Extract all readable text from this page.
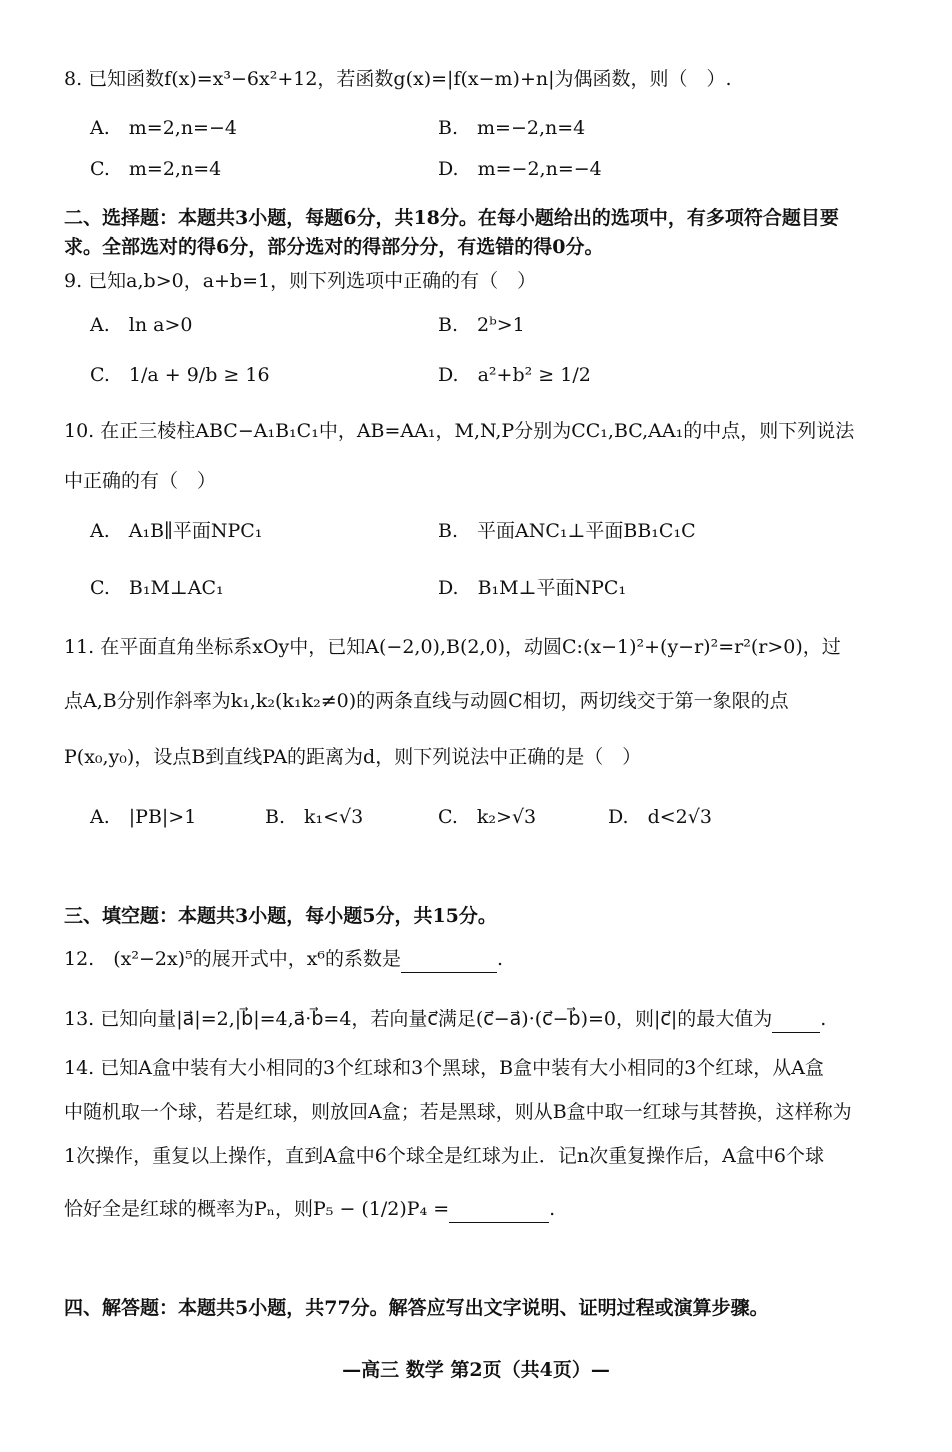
8. 已知函数f(x)=x³−6x²+12，若函数g(x)=|f(x−m)+n|为偶函数，则（　）.
A.　m=2,n=−4	B.　m=−2,n=4
C.　m=2,n=4	D.　m=−2,n=−4
二、选择题：本题共3小题，每题6分，共18分。在每小题给出的选项中，有多项符合题目要
求。全部选对的得6分，部分选对的得部分分，有选错的得0分。
9. 已知a,b>0，a+b=1，则下列选项中正确的有（　）
A.　ln a>0	B.　2ᵇ>1
C.　1/a + 9/b ≥ 16	D.　a²+b² ≥ 1/2
10. 在正三棱柱ABC−A₁B₁C₁中，AB=AA₁，M,N,P分别为CC₁,BC,AA₁的中点，则下列说法
中正确的有（　）
A.　A₁B∥平面NPC₁	B.　平面ANC₁⊥平面BB₁C₁C
C.　B₁M⊥AC₁	D.　B₁M⊥平面NPC₁
11. 在平面直角坐标系xOy中，已知A(−2,0),B(2,0)，动圆C:(x−1)²+(y−r)²=r²(r>0)，过
点A,B分别作斜率为k₁,k₂(k₁k₂≠0)的两条直线与动圆C相切，两切线交于第一象限的点
P(x₀,y₀)，设点B到直线PA的距离为d，则下列说法中正确的是（　）
A.　|PB|>1	B.　k₁<√3	C.　k₂>√3	D.　d<2√3
三、填空题：本题共3小题，每小题5分，共15分。
12.　(x²−2x)⁵的展开式中，x⁶的系数是	.
13. 已知向量|a⃗|=2,|b⃗|=4,a⃗·b⃗=4，若向量c⃗满足(c⃗−a⃗)·(c⃗−b⃗)=0，则|c⃗|的最大值为	.
14. 已知A盒中装有大小相同的3个红球和3个黑球，B盒中装有大小相同的3个红球，从A盒
中随机取一个球，若是红球，则放回A盒；若是黑球，则从B盒中取一红球与其替换，这样称为
1次操作，重复以上操作，直到A盒中6个球全是红球为止．记n次重复操作后，A盒中6个球
恰好全是红球的概率为Pₙ，则P₅ − (1/2)P₄ =	.
四、解答题：本题共5小题，共77分。解答应写出文字说明、证明过程或演算步骤。
—高三 数学 第2页（共4页）—
